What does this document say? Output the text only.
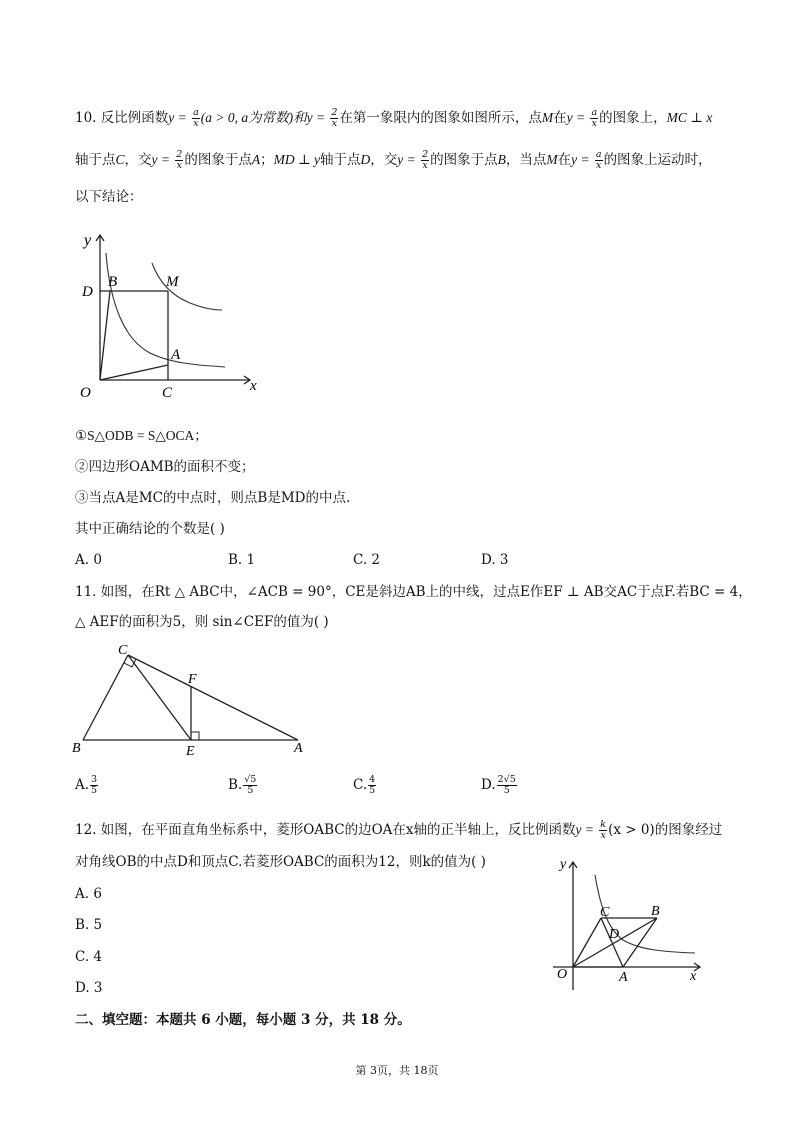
10. 反比例函数$y = \frac{a}{x} (a > 0$, a为常数)和$y = \frac{2}{x}$ 在第一象限内的图象如图所示，点M在$y = \frac{a}{x}$ 的图象上，MC ⊥ x
轴于点C，交$y = \frac{2}{x}$ 的图象于点A；MD ⊥ y轴于点D，交$y = \frac{2}{x}$ 的图象于点B，当点M在$y = \frac{a}{x}$ 的图象上运动时，
以下结论：
y
x
O
D
B	M
A
C
①S△ODB = S△OCA；
②四边形OAMB的面积不变；
③当点A是MC的中点时，则点B是MD的中点.
其中正确结论的个数是( )
A. 0	B. 1	C. 2	D. 3
11. 如图，在Rt △ ABC中，∠ACB = 90°，CE是斜边AB上的中线，过点E作EF ⊥ AB交AC于点F.若BC = 4，
△ AEF的面积为5，则 sin∠CEF的值为( )
C
F
B	E	A
A. $\frac{3}{5}$	B. $\frac{√5}{5}$	C. $\frac{4}{5}$	D. $\frac{2√5}{5}$
12. 如图，在平面直角坐标系中，菱形OABC的边OA在x轴的正半轴上，反比例函数$y = \frac{k}{x} (x > 0)$的图象经过
对角线OB的中点D和顶点C.若菱形OABC的面积为12，则k的值为( )
A. 6
B. 5
C. 4
D. 3
y
x
O	A
B
C
D
二、填空题：本题共 6 小题，每小题 3 分，共 18 分。
第 3页，共 18页
